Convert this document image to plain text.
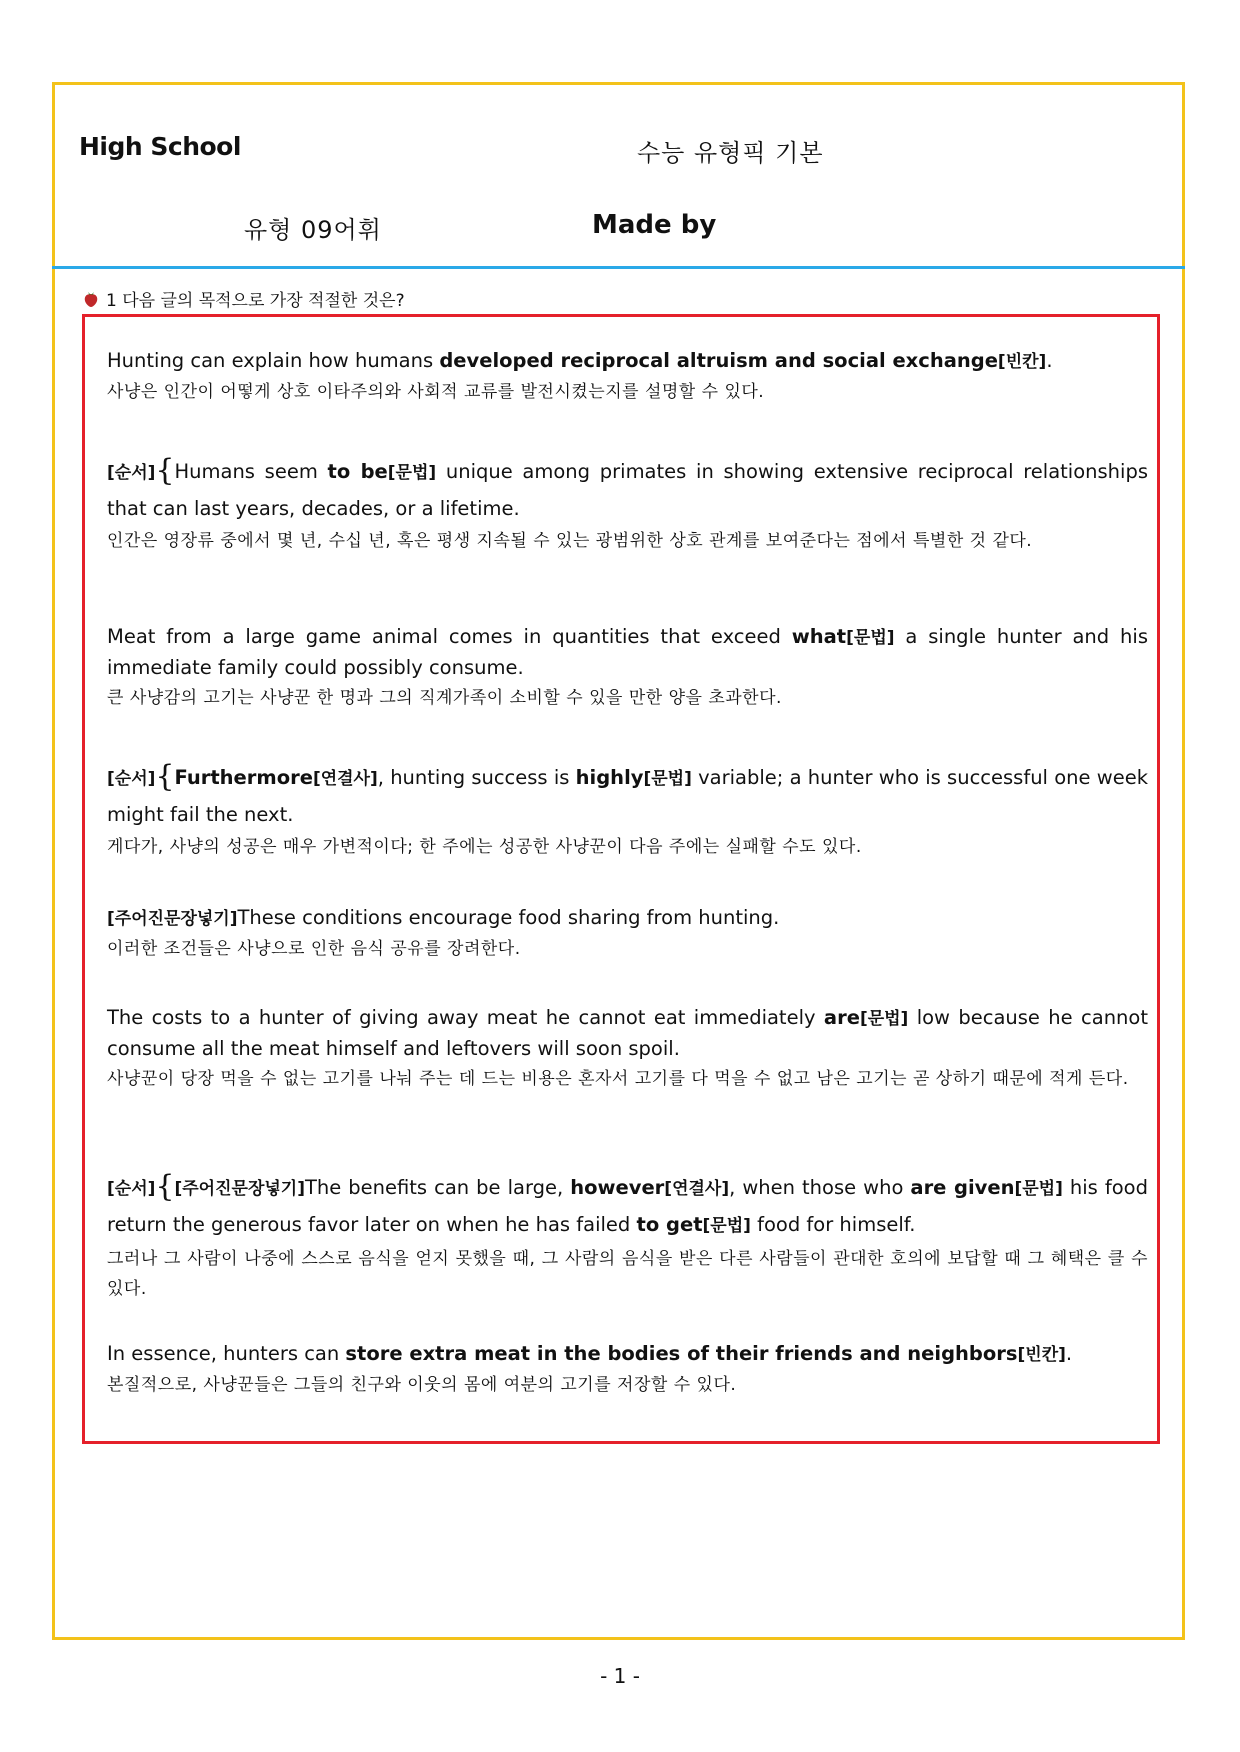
High School	수능 유형픽 기본
유형 09어휘	Made by
1 다음 글의 목적으로 가장 적절한 것은?

Hunting can explain how humans developed reciprocal altruism and social exchange[빈칸].

사냥은 인간이 어떻게 상호 이타주의와 사회적 교류를 발전시켰는지를 설명할 수 있다.

[순서]{Humans seem to be[문법] unique among primates in showing extensive reciprocal relationships that can last years, decades, or a lifetime.

인간은 영장류 중에서 몇 년, 수십 년, 혹은 평생 지속될 수 있는 광범위한 상호 관계를 보여준다는 점에서 특별한 것 같다.

Meat from a large game animal comes in quantities that exceed what[문법] a single hunter and his immediate family could possibly consume.

큰 사냥감의 고기는 사냥꾼 한 명과 그의 직계가족이 소비할 수 있을 만한 양을 초과한다.

[순서]{Furthermore[연결사], hunting success is highly[문법] variable; a hunter who is successful one week might fail the next.

게다가, 사냥의 성공은 매우 가변적이다; 한 주에는 성공한 사냥꾼이 다음 주에는 실패할 수도 있다.

[주어진문장넣기]These conditions encourage food sharing from hunting.

이러한 조건들은 사냥으로 인한 음식 공유를 장려한다.

The costs to a hunter of giving away meat he cannot eat immediately are[문법] low because he cannot consume all the meat himself and leftovers will soon spoil.

사냥꾼이 당장 먹을 수 없는 고기를 나눠 주는 데 드는 비용은 혼자서 고기를 다 먹을 수 없고 남은 고기는 곧 상하기 때문에 적게 든다.

[순서]{[주어진문장넣기]The benefits can be large, however[연결사], when those who are given[문법] his food return the generous favor later on when he has failed to get[문법] food for himself.

그러나 그 사람이 나중에 스스로 음식을 얻지 못했을 때, 그 사람의 음식을 받은 다른 사람들이 관대한 호의에 보답할 때 그 혜택은 클 수 있다.

In essence, hunters can store extra meat in the bodies of their friends and neighbors[빈칸].

본질적으로, 사냥꾼들은 그들의 친구와 이웃의 몸에 여분의 고기를 저장할 수 있다.

- 1 -
